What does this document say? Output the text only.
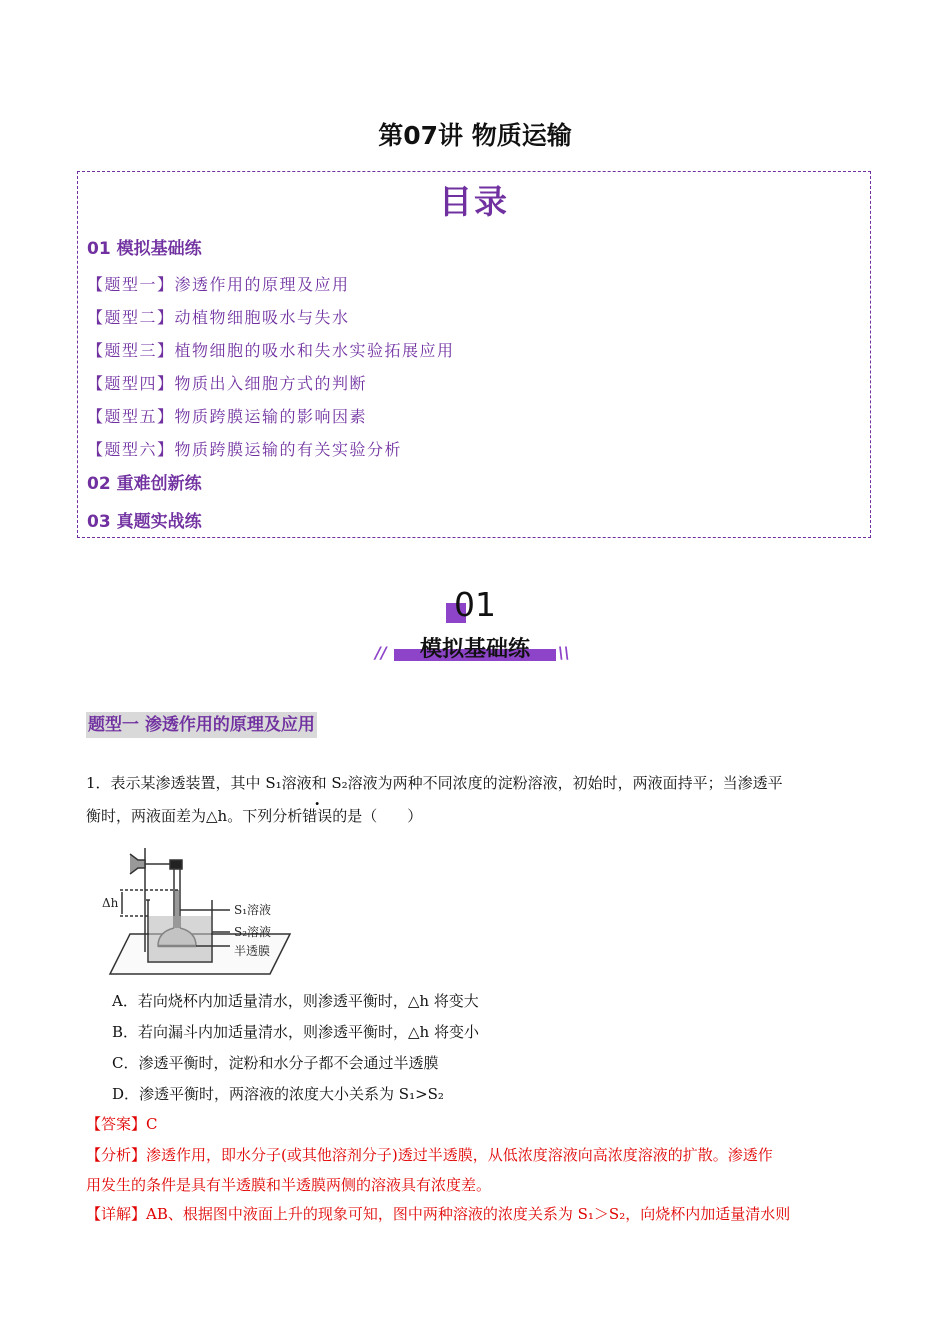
第07讲 物质运输
目录
01 模拟基础练
【题型一】渗透作用的原理及应用
【题型二】动植物细胞吸水与失水
【题型三】植物细胞的吸水和失水实验拓展应用
【题型四】物质出入细胞方式的判断
【题型五】物质跨膜运输的影响因素
【题型六】物质跨膜运输的有关实验分析
02 重难创新练
03 真题实战练
01
模拟基础练
//	\\
题型一 渗透作用的原理及应用
1．表示某渗透装置，其中 S₁溶液和 S₂溶液为两种不同浓度的淀粉溶液，初始时，两液面持平；当渗透平
衡时，两液面差为△h。下列分析错误的是（　　）
Δh	S₁溶液
S₂溶液
半透膜
A．若向烧杯内加适量清水，则渗透平衡时，△h 将变大
B．若向漏斗内加适量清水，则渗透平衡时，△h 将变小
C．渗透平衡时，淀粉和水分子都不会通过半透膜
D．渗透平衡时，两溶液的浓度大小关系为 S₁>S₂
【答案】C
【分析】渗透作用，即水分子(或其他溶剂分子)透过半透膜，从低浓度溶液向高浓度溶液的扩散。渗透作
用发生的条件是具有半透膜和半透膜两侧的溶液具有浓度差。
【详解】AB、根据图中液面上升的现象可知，图中两种溶液的浓度关系为 S₁＞S₂，向烧杯内加适量清水则
